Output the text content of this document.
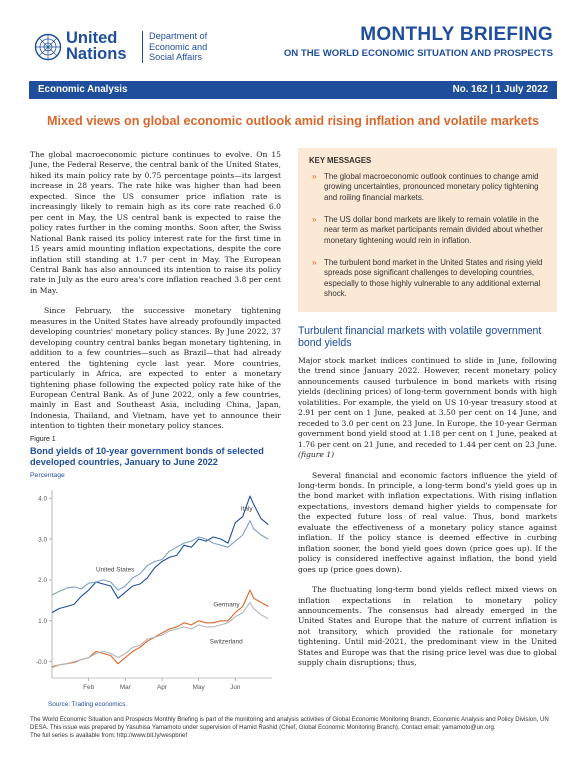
United
Nations
Department of
Economic and
Social Affairs
MONTHLY BRIEFING
ON THE WORLD ECONOMIC SITUATION AND PROSPECTS
Economic Analysis	No. 162 | 1 July 2022
Mixed views on global economic outlook amid rising inflation and volatile markets

The global macroeconomic picture continues to evolve. On 15 June, the Federal Reserve, the central bank of the United States, hiked its main policy rate by 0.75 percentage points—its largest increase in 28 years. The rate hike was higher than had been expected. Since the US consumer price inflation rate is increasingly likely to remain high as its core rate reached 6.0 per cent in May, the US central bank is expected to raise the policy rates further in the coming months. Soon after, the Swiss National Bank raised its policy interest rate for the first time in 15 years amid mounting inflation expectations, despite the core inflation still standing at 1.7 per cent in May. The European Central Bank has also announced its intention to raise its policy rate in July as the euro area's core inflation reached 3.8 per cent in May.

Since February, the successive monetary tightening measures in the United States have already profoundly impacted developing countries' monetary policy stances. By June 2022, 37 developing country central banks began monetary tightening, in addition to a few countries—such as Brazil—that had already entered the tightening cycle last year. More countries, particularly in Africa, are expected to enter a monetary tightening phase following the expected policy rate hike of the European Central Bank. As of June 2022, only a few countries, mainly in East and Southeast Asia, including China, Japan, Indonesia, Thailand, and Vietnam, have yet to announce their intention to tighten their monetary policy stances.

KEY MESSAGES
» The global macroeconomic outlook continues to change amid growing uncertainties, pronounced monetary policy tightening and roiling financial markets.
» The US dollar bond markets are likely to remain volatile in the near term as market participants remain divided about whether monetary tightening would rein in inflation.
» The turbulent bond market in the United States and rising yield spreads pose significant challenges to developing countries, especially to those highly vulnerable to any additional external shock.
Turbulent financial markets with volatile government bond yields

Major stock market indices continued to slide in June, following the trend since January 2022. However, recent monetary policy announcements caused turbulence in bond markets with rising yields (declining prices) of long-term government bonds with high volatilities. For example, the yield on US 10-year treasury stood at 2.91 per cent on 1 June, peaked at 3.50 per cent on 14 June, and receded to 3.0 per cent on 23 June. In Europe, the 10-year German government bond yield stood at 1.18 per cent on 1 June, peaked at 1.76 per cent on 21 June, and receded to 1.44 per cent on 23 June. (figure 1)

Several financial and economic factors influence the yield of long-term bonds. In principle, a long-term bond's yield goes up in the bond market with inflation expectations. With rising inflation expectations, investors demand higher yields to compensate for the expected future loss of real value. Thus, bond markets evaluate the effectiveness of a monetary policy stance against inflation. If the policy stance is deemed effective in curbing inflation sooner, the bond yield goes down (price goes up). If the policy is considered ineffective against inflation, the bond yield goes up (price goes down).

The fluctuating long-term bond yields reflect mixed views on inflation expectations in relation to monetary policy announcements. The consensus had already emerged in the United States and Europe that the nature of current inflation is not transitory, which provided the rationale for monetary tightening. Until mid-2021, the predominant view in the United States and Europe was that the rising price level was due to global supply chain disruptions; thus,

Figure 1
Bond yields of 10-year government bonds of selected developed countries, January to June 2022
Percentage
-0.0
1.0
2.0
3.0
4.0
Feb	Mar	Apr	May	Jun
Italy
United States
Germany
Switzerland
Source: Trading economics.
The World Economic Situation and Prospects Monthly Briefing is part of the monitoring and analysis activities of Global Economic Monitoring Branch, Economic Analysis and Policy Division, UN DESA. This issue was prepared by Yasuhisa Yamamoto under supervision of Hamid Rashid (Chief, Global Economic Monitoring Branch). Contact email: yamamoto@un.org.
The full series is available from: http://www.bit.ly/wespbrief
